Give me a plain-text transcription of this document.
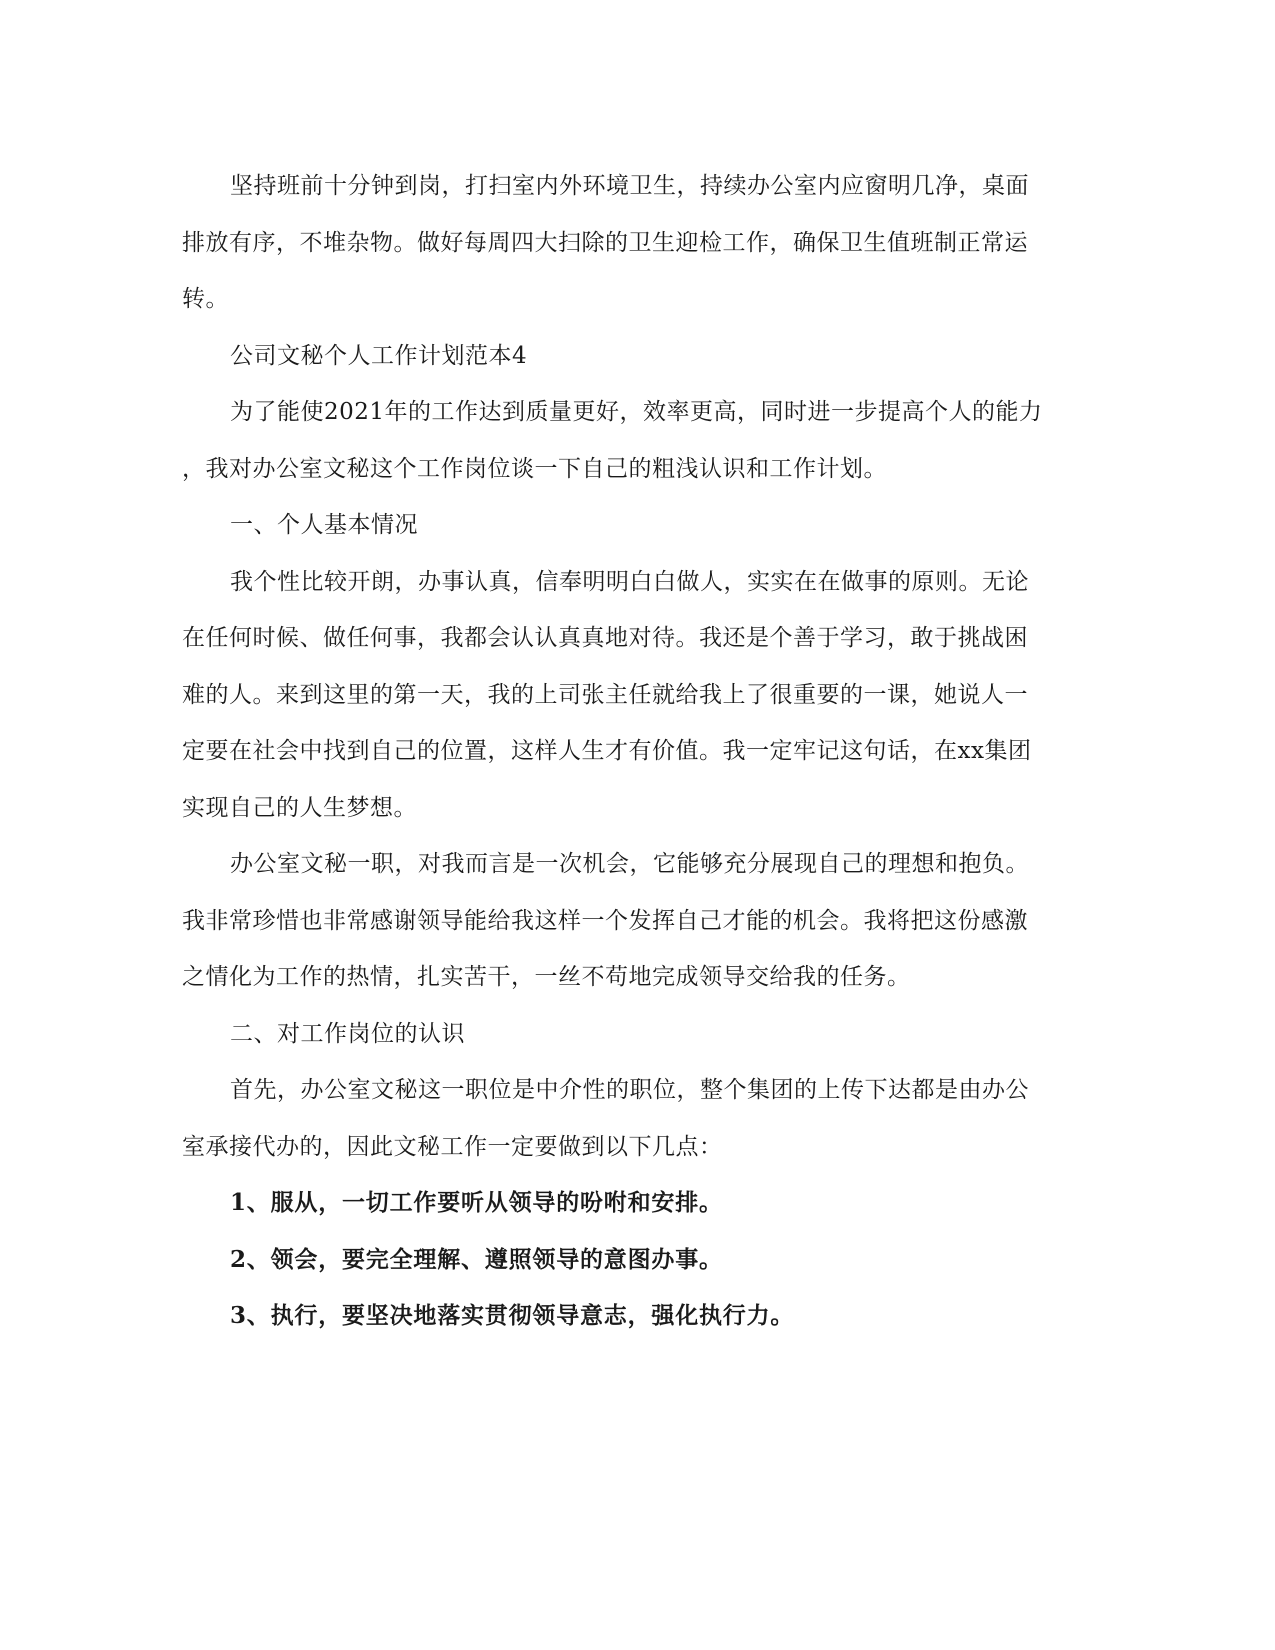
坚持班前十分钟到岗，打扫室内外环境卫生，持续办公室内应窗明几净，桌面
排放有序，不堆杂物。做好每周四大扫除的卫生迎检工作，确保卫生值班制正常运
转。

公司文秘个人工作计划范本4

为了能使2021年的工作达到质量更好，效率更高，同时进一步提高个人的能力
，我对办公室文秘这个工作岗位谈一下自己的粗浅认识和工作计划。

一、个人基本情况

我个性比较开朗，办事认真，信奉明明白白做人，实实在在做事的原则。无论
在任何时候、做任何事，我都会认认真真地对待。我还是个善于学习，敢于挑战困
难的人。来到这里的第一天，我的上司张主任就给我上了很重要的一课，她说人一
定要在社会中找到自己的位置，这样人生才有价值。我一定牢记这句话，在xx集团
实现自己的人生梦想。

办公室文秘一职，对我而言是一次机会，它能够充分展现自己的理想和抱负。
我非常珍惜也非常感谢领导能给我这样一个发挥自己才能的机会。我将把这份感激
之情化为工作的热情，扎实苦干，一丝不苟地完成领导交给我的任务。

二、对工作岗位的认识

首先，办公室文秘这一职位是中介性的职位，整个集团的上传下达都是由办公
室承接代办的，因此文秘工作一定要做到以下几点：

1、服从，一切工作要听从领导的吩咐和安排。

2、领会，要完全理解、遵照领导的意图办事。

3、执行，要坚决地落实贯彻领导意志，强化执行力。
